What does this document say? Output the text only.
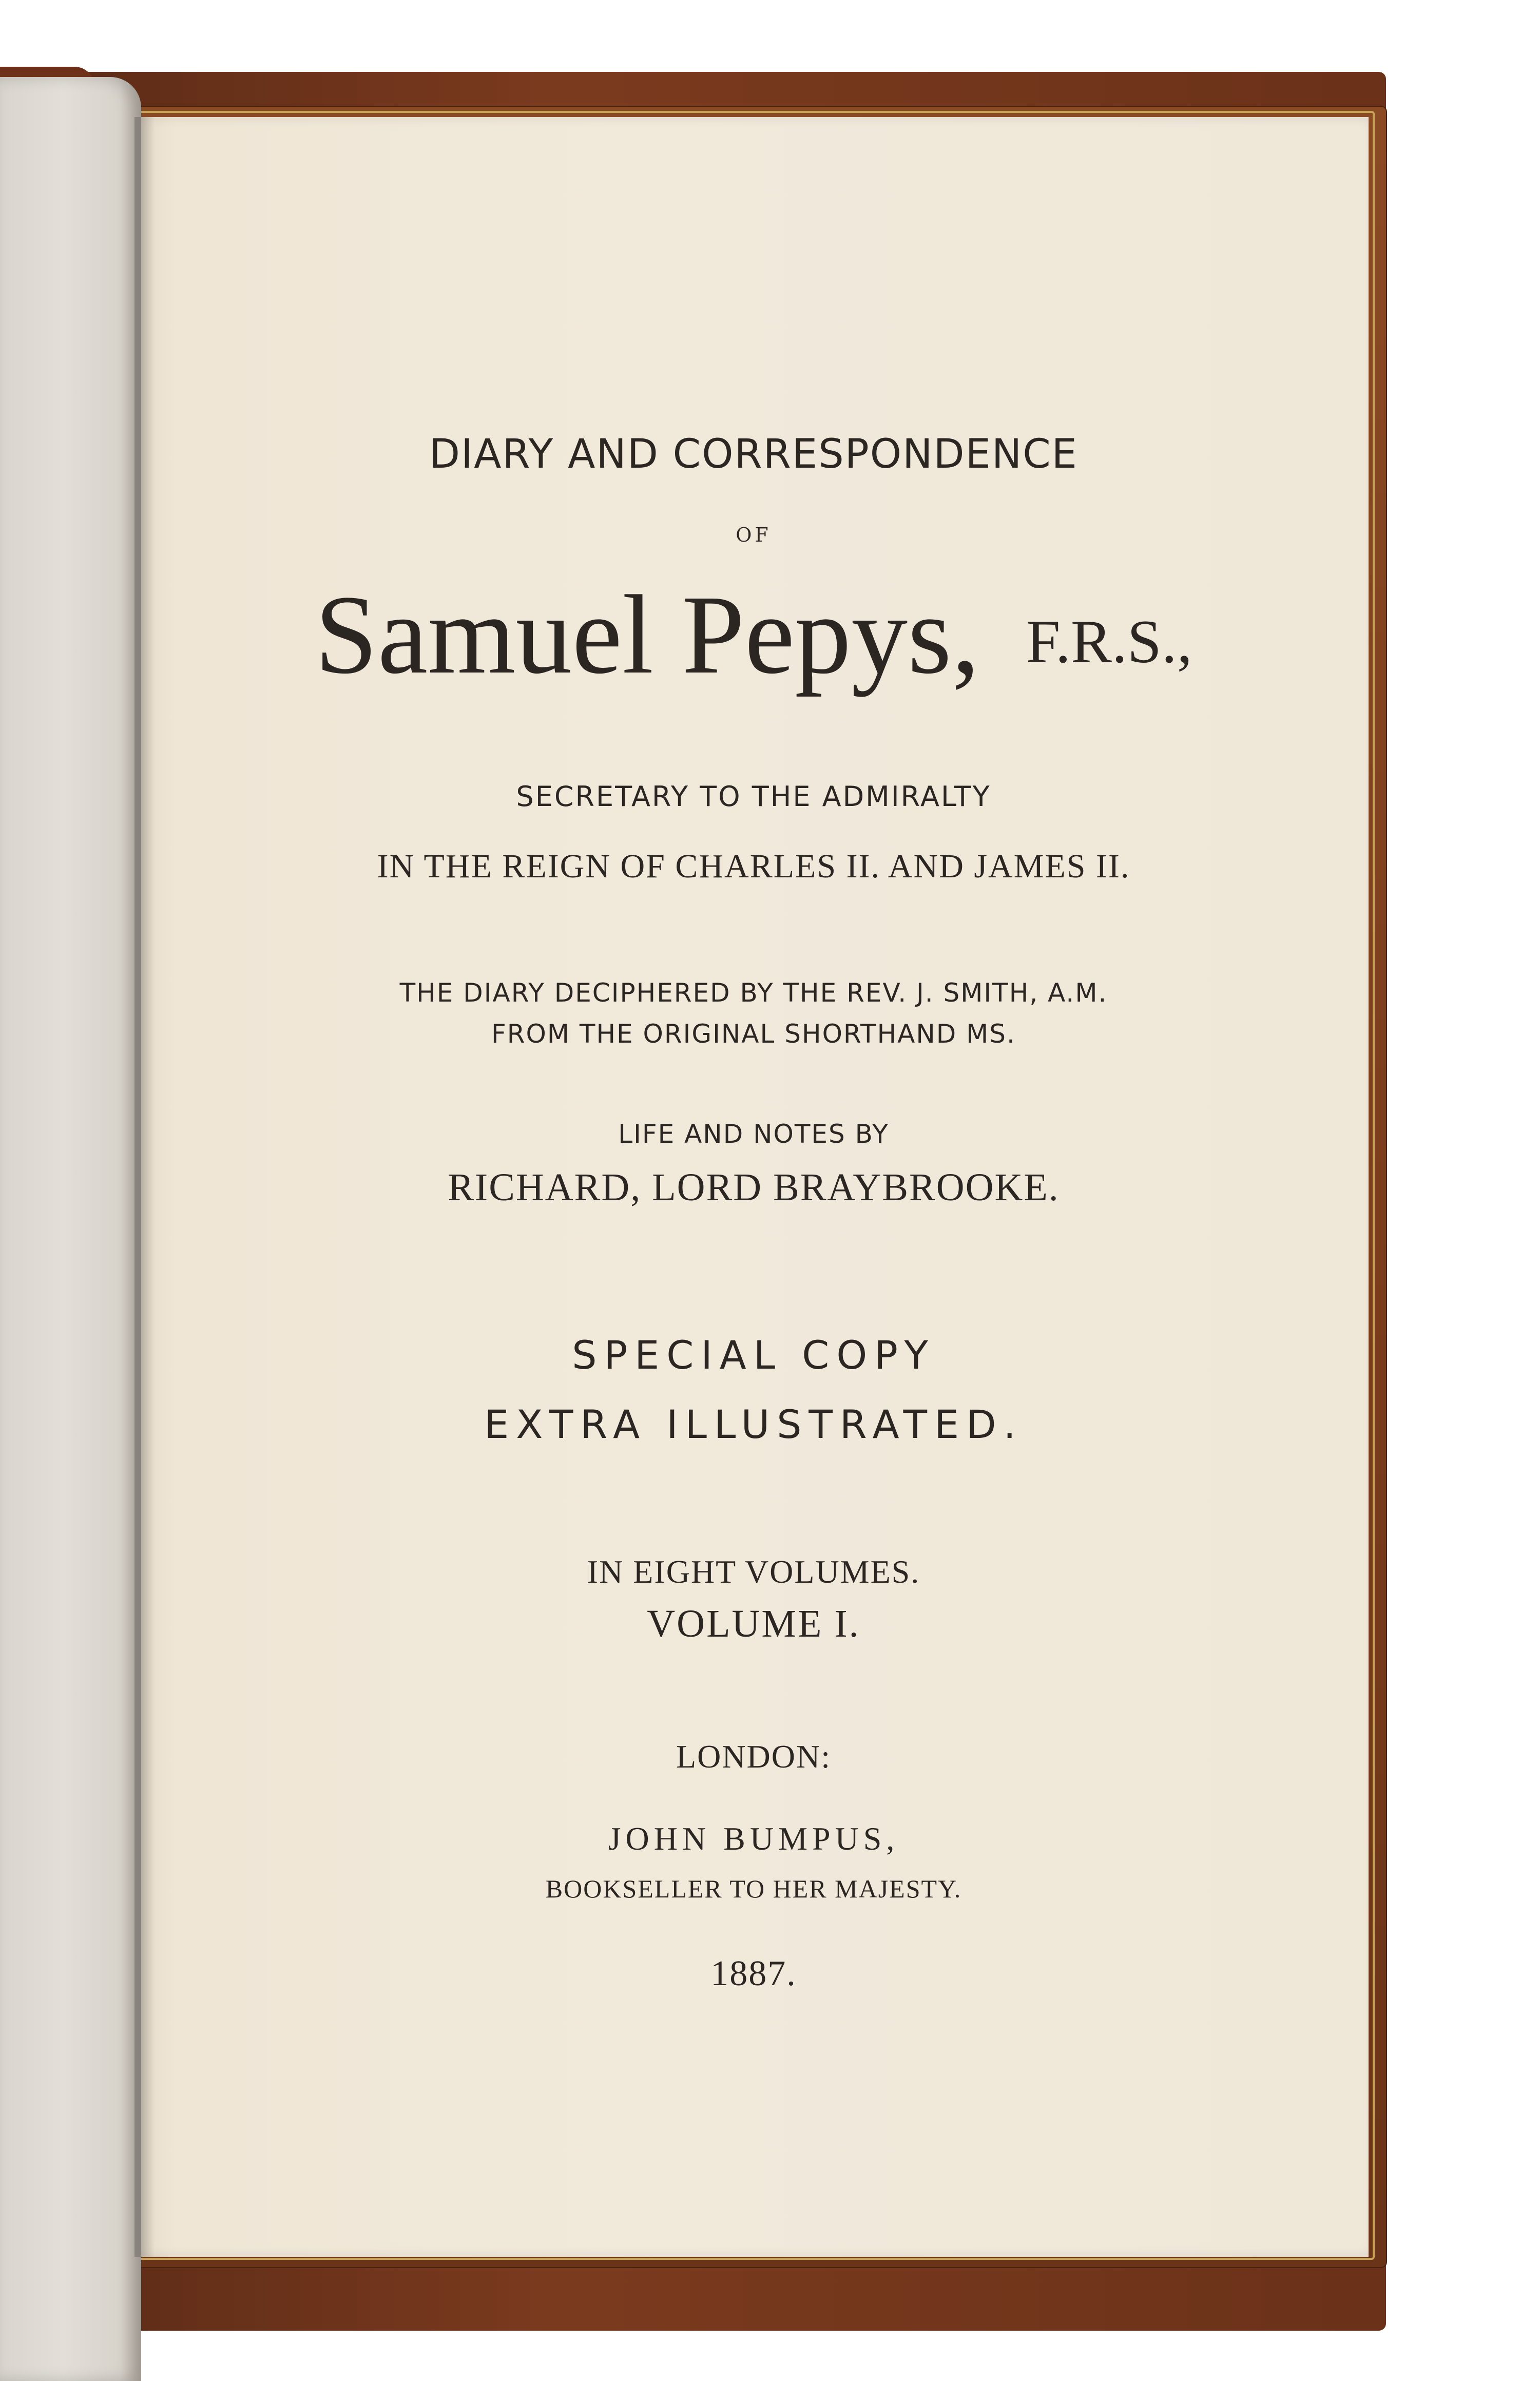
DIARY AND CORRESPONDENCE

OF

Samuel Pepys, F.R.S.,

SECRETARY TO THE ADMIRALTY

IN THE REIGN OF CHARLES II. AND JAMES II.

THE DIARY DECIPHERED BY THE REV. J. SMITH, A.M.

FROM THE ORIGINAL SHORTHAND MS.

LIFE AND NOTES BY

RICHARD, LORD BRAYBROOKE.

SPECIAL COPY

EXTRA ILLUSTRATED.

IN EIGHT VOLUMES.

VOLUME I.

LONDON:

JOHN BUMPUS,

BOOKSELLER TO HER MAJESTY.

1887.
